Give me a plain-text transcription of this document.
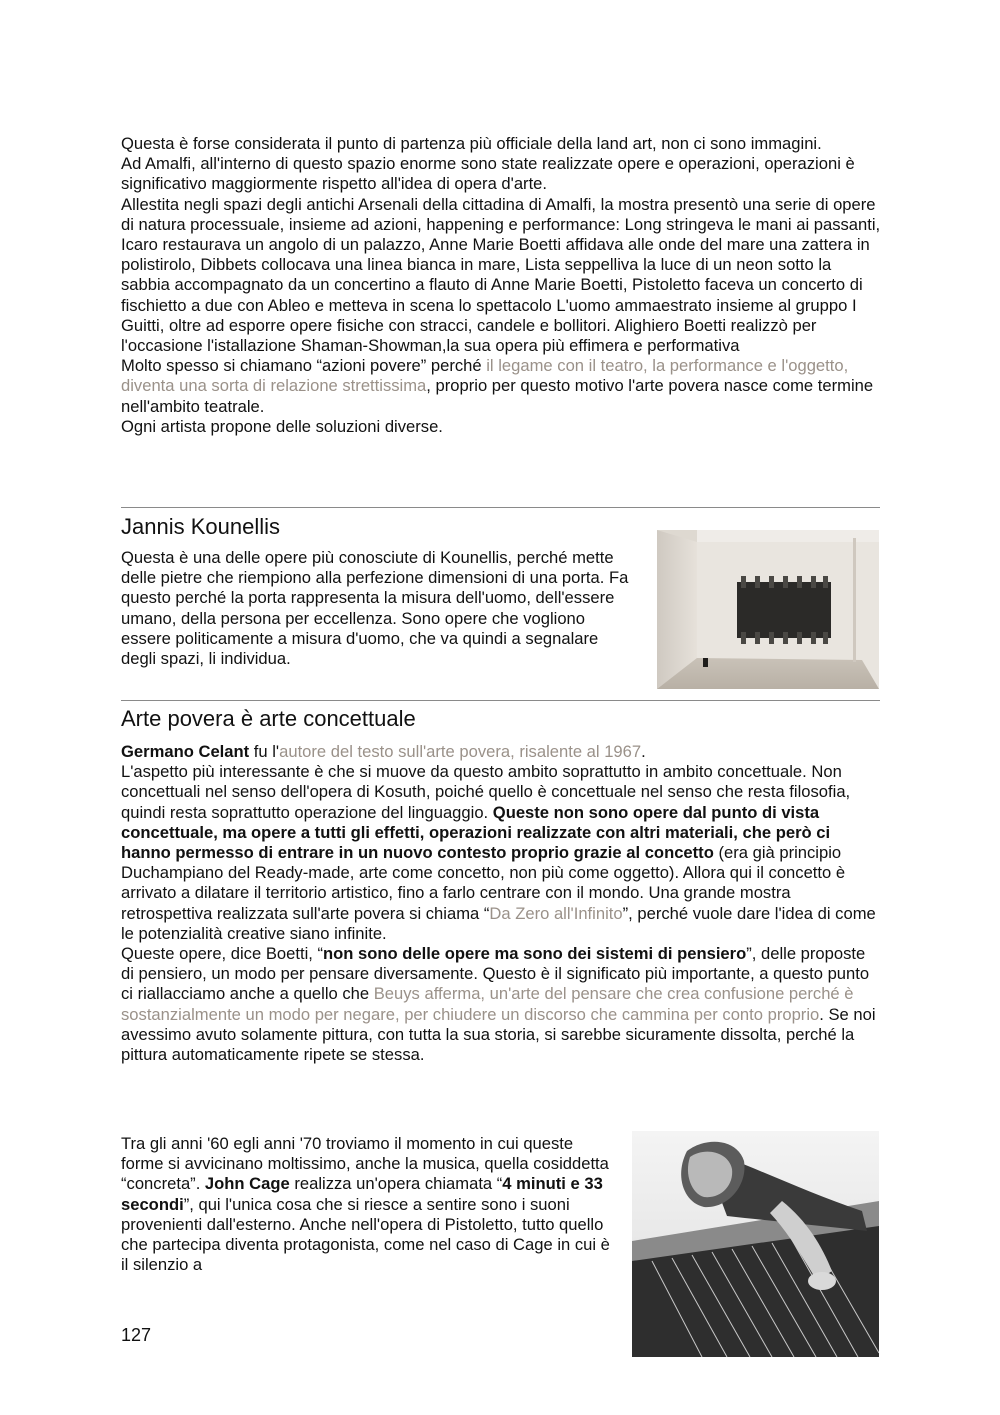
Questa è forse considerata il punto di partenza più officiale della land art, non ci sono immagini.

Ad Amalfi, all'interno di questo spazio enorme sono state realizzate opere e operazioni, operazioni è significativo maggiormente rispetto all'idea di opera d'arte.

Allestita negli spazi degli antichi Arsenali della cittadina di Amalfi, la mostra presentò una serie di opere di natura processuale, insieme ad azioni, happening e performance: Long stringeva le mani ai passanti, Icaro restaurava un angolo di un palazzo, Anne Marie Boetti affidava alle onde del mare una zattera in polistirolo, Dibbets collocava una linea bianca in mare, Lista seppelliva la luce di un neon sotto la sabbia accompagnato da un concertino a flauto di Anne Marie Boetti, Pistoletto faceva un concerto di fischietto a due con Ableo e metteva in scena lo spettacolo L'uomo ammaestrato insieme al gruppo I Guitti, oltre ad esporre opere fisiche con stracci, candele e bollitori. Alighiero Boetti realizzò per l'occasione l'istallazione Shaman-Showman,la sua opera più effimera e performativa

Molto spesso si chiamano “azioni povere” perché il legame con il teatro, la performance e l'oggetto, diventa una sorta di relazione strettissima, proprio per questo motivo l'arte povera nasce come termine nell'ambito teatrale.

Ogni artista propone delle soluzioni diverse.

Jannis Kounellis

Questa è una delle opere più conosciute di Kounellis, perché mette delle pietre che riempiono alla perfezione dimensioni di una porta. Fa questo perché la porta rappresenta la misura dell'uomo, dell'essere umano, della persona per eccellenza. Sono opere che vogliono essere politicamente a misura d'uomo, che va quindi a segnalare degli spazi, li individua.

Arte povera è arte concettuale

Germano Celant fu l'autore del testo sull'arte povera, risalente al 1967.

L'aspetto più interessante è che si muove da questo ambito soprattutto in ambito concettuale. Non concettuali nel senso dell'opera di Kosuth, poiché quello è concettuale nel senso che resta filosofia, quindi resta soprattutto operazione del linguaggio. Queste non sono opere dal punto di vista concettuale, ma opere a tutti gli effetti, operazioni realizzate con altri materiali, che però ci hanno permesso di entrare in un nuovo contesto proprio grazie al concetto (era già principio Duchampiano del Ready-made, arte come concetto, non più come oggetto). Allora qui il concetto è arrivato a dilatare il territorio artistico, fino a farlo centrare con il mondo. Una grande mostra retrospettiva realizzata sull'arte povera si chiama “Da Zero all'Infinito”, perché vuole dare l'idea di come le potenzialità creative siano infinite.

Queste opere, dice Boetti, “non sono delle opere ma sono dei sistemi di pensiero”, delle proposte di pensiero, un modo per pensare diversamente. Questo è il significato più importante, a questo punto ci riallacciamo anche a quello che Beuys afferma, un'arte del pensare che crea confusione perché è sostanzialmente un modo per negare, per chiudere un discorso che cammina per conto proprio. Se noi avessimo avuto solamente pittura, con tutta la sua storia, si sarebbe sicuramente dissolta, perché la pittura automaticamente ripete se stessa.

Tra gli anni '60 egli anni '70 troviamo il momento in cui queste forme si avvicinano moltissimo, anche la musica, quella cosiddetta “concreta”. John Cage realizza un'opera chiamata “4 minuti e 33 secondi”, qui l'unica cosa che si riesce a sentire sono i suoni provenienti dall'esterno. Anche nell'opera di Pistoletto, tutto quello che partecipa diventa protagonista, come nel caso di Cage in cui è il silenzio a

127
